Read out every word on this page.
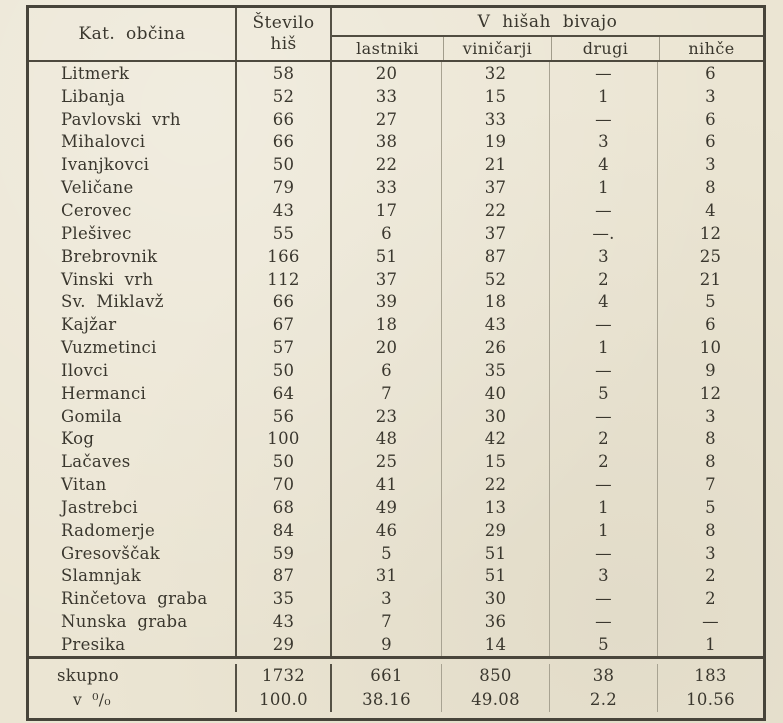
Kat. občina
Število
hiš
V hišah bivajo
lastniki	viničarji	drugi	nihče
Litmerk	58	20	32	—	6
Libanja	52	33	15	1	3
Pavlovski vrh	66	27	33	—	6
Mihalovci	66	38	19	3	6
Ivanjkovci	50	22	21	4	3
Veličane	79	33	37	1	8
Cerovec	43	17	22	—	4
Plešivec	55	6	37	—.	12
Brebrovnik	166	51	87	3	25
Vinski vrh	112	37	52	2	21
Sv. Miklavž	66	39	18	4	5
Kajžar	67	18	43	—	6
Vuzmetinci	57	20	26	1	10
Ilovci	50	6	35	—	9
Hermanci	64	7	40	5	12
Gomila	56	23	30	—	3
Kog	100	48	42	2	8
Lačaves	50	25	15	2	8
Vitan	70	41	22	—	7
Jastrebci	68	49	13	1	5
Radomerje	84	46	29	1	8
Gresovščak	59	5	51	—	3
Slamnjak	87	31	51	3	2
Rinčetova graba	35	3	30	—	2
Nunska graba	43	7	36	—	—
Presika	29	9	14	5	1
skupno	1732	661	850	38	183
v ⁰/₀	100.0	38.16	49.08	2.2	10.56
